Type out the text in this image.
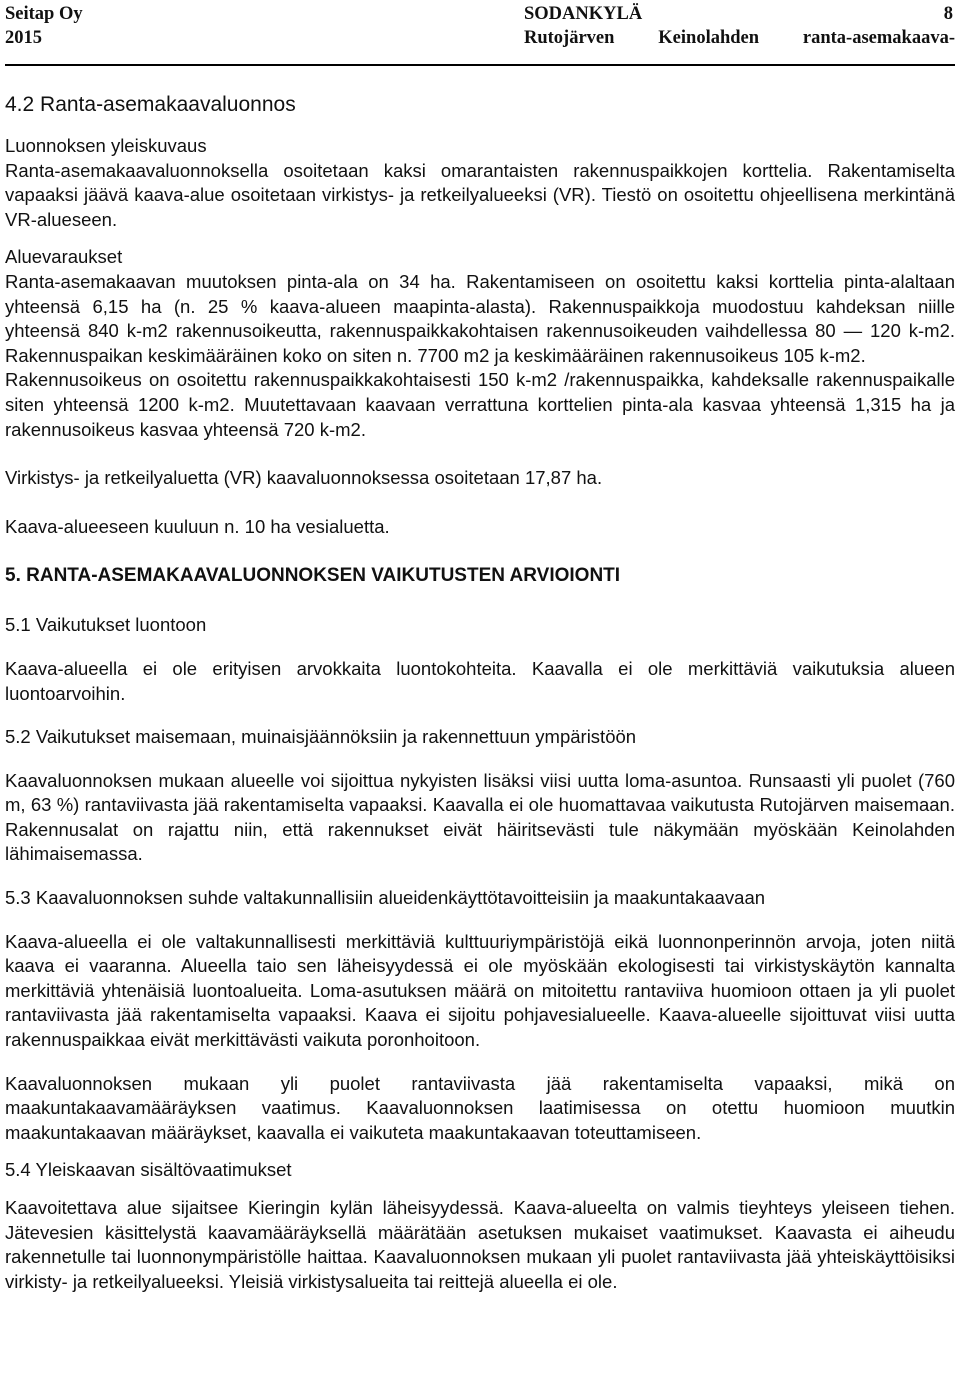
Seitap Oy	SODANKYLÄ	8
2015	Rutojärven Keinolahden ranta-asemakaava-
4.2 Ranta-asemakaavaluonnos

Luonnoksen yleiskuvaus

Ranta-asemakaavaluonnoksella osoitetaan kaksi omarantaisten rakennuspaikkojen korttelia. Rakentamiselta vapaaksi jäävä kaava-alue osoitetaan virkistys- ja retkeilyalueeksi (VR). Tiestö on osoitettu ohjeellisena merkintänä VR-alueseen.

Aluevaraukset

Ranta-asemakaavan muutoksen pinta-ala on 34 ha. Rakentamiseen on osoitettu kaksi korttelia pinta-alaltaan yhteensä 6,15 ha (n. 25 % kaava-alueen maapinta-alasta). Rakennuspaikkoja muodostuu kahdeksan niille yhteensä 840 k-m2 rakennusoikeutta, rakennuspaikkakohtaisen rakennusoikeuden vaihdellessa 80 — 120 k-m2. Rakennuspaikan keskimääräinen koko on siten n. 7700 m2 ja keskimääräinen rakennusoikeus 105 k-m2.

Rakennusoikeus on osoitettu rakennuspaikkakohtaisesti 150 k-m2 /rakennuspaikka, kahdeksalle rakennuspaikalle siten yhteensä 1200 k-m2. Muutettavaan kaavaan verrattuna korttelien pinta-ala kasvaa yhteensä 1,315 ha ja rakennusoikeus kasvaa yhteensä 720 k-m2.

Virkistys- ja retkeilyaluetta (VR) kaavaluonnoksessa osoitetaan 17,87 ha.

Kaava-alueeseen kuuluun n. 10 ha vesialuetta.

5. RANTA-ASEMAKAAVALUONNOKSEN VAIKUTUSTEN ARVIOIONTI

5.1 Vaikutukset luontoon

Kaava-alueella ei ole erityisen arvokkaita luontokohteita. Kaavalla ei ole merkittäviä vaikutuksia alueen luontoarvoihin.

5.2 Vaikutukset maisemaan, muinaisjäännöksiin ja rakennettuun ympäristöön

Kaavaluonnoksen mukaan alueelle voi sijoittua nykyisten lisäksi viisi uutta loma-asuntoa. Runsaasti yli puolet (760 m, 63 %) rantaviivasta jää rakentamiselta vapaaksi. Kaavalla ei ole huomattavaa vaikutusta Rutojärven maisemaan. Rakennusalat on rajattu niin, että rakennukset eivät häiritsevästi tule näkymään myöskään Keinolahden lähimaisemassa.

5.3 Kaavaluonnoksen suhde valtakunnallisiin alueidenkäyttötavoitteisiin ja maakuntakaavaan

Kaava-alueella ei ole valtakunnallisesti merkittäviä kulttuuriympäristöjä eikä luonnonperinnön arvoja, joten niitä kaava ei vaaranna. Alueella taio sen läheisyydessä ei ole myöskään ekologisesti tai virkistyskäytön kannalta merkittäviä yhtenäisiä luontoalueita. Loma-asutuksen määrä on mitoitettu rantaviiva huomioon ottaen ja yli puolet rantaviivasta jää rakentamiselta vapaaksi. Kaava ei sijoitu pohjavesialueelle. Kaava-alueelle sijoittuvat viisi uutta rakennuspaikkaa eivät merkittävästi vaikuta poronhoitoon.

Kaavaluonnoksen mukaan yli puolet rantaviivasta jää rakentamiselta vapaaksi, mikä on maakuntakaavamääräyksen vaatimus. Kaavaluonnoksen laatimisessa on otettu huomioon muutkin maakuntakaavan määräykset, kaavalla ei vaikuteta maakuntakaavan toteuttamiseen.

5.4 Yleiskaavan sisältövaatimukset

Kaavoitettava alue sijaitsee Kieringin kylän läheisyydessä. Kaava-alueelta on valmis tieyhteys yleiseen tiehen. Jätevesien käsittelystä kaavamääräyksellä määrätään asetuksen mukaiset vaatimukset. Kaavasta ei aiheudu rakennetulle tai luonnonympäristölle haittaa. Kaavaluonnoksen mukaan yli puolet rantaviivasta jää yhteiskäyttöisiksi virkisty- ja retkeilyalueeksi. Yleisiä virkistysalueita tai reittejä alueella ei ole.
